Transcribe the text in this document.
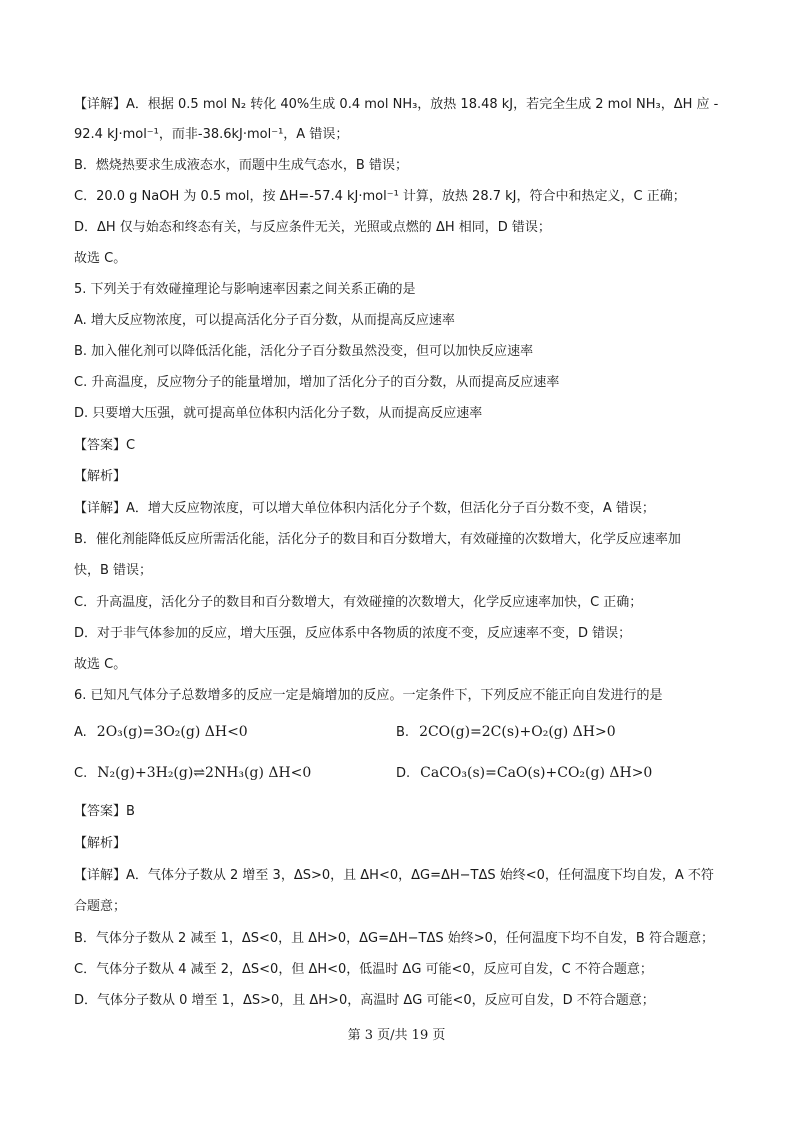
【详解】A．根据 0.5 mol N₂ 转化 40%生成 0.4 mol NH₃，放热 18.48 kJ，若完全生成 2 mol NH₃，ΔH 应 -
92.4 kJ·mol⁻¹，而非-38.6kJ·mol⁻¹，A 错误；
B．燃烧热要求生成液态水，而题中生成气态水，B 错误；
C．20.0 g NaOH 为 0.5 mol，按 ΔH=-57.4 kJ·mol⁻¹ 计算，放热 28.7 kJ，符合中和热定义，C 正确；
D．ΔH 仅与始态和终态有关，与反应条件无关，光照或点燃的 ΔH 相同，D 错误；
故选 C。
5. 下列关于有效碰撞理论与影响速率因素之间关系正确的是
A. 增大反应物浓度，可以提高活化分子百分数，从而提高反应速率
B. 加入催化剂可以降低活化能，活化分子百分数虽然没变，但可以加快反应速率
C. 升高温度，反应物分子的能量增加，增加了活化分子的百分数，从而提高反应速率
D. 只要增大压强，就可提高单位体积内活化分子数，从而提高反应速率
【答案】C
【解析】
【详解】A．增大反应物浓度，可以增大单位体积内活化分子个数，但活化分子百分数不变，A 错误；
B．催化剂能降低反应所需活化能，活化分子的数目和百分数增大，有效碰撞的次数增大，化学反应速率加
快，B 错误；
C．升高温度，活化分子的数目和百分数增大，有效碰撞的次数增大，化学反应速率加快，C 正确；
D．对于非气体参加的反应，增大压强，反应体系中各物质的浓度不变，反应速率不变，D 错误；
故选 C。
6. 已知凡气体分子总数增多的反应一定是熵增加的反应。一定条件下，下列反应不能正向自发进行的是
A. 2O₃(g)=3O₂(g) ΔH<0	B. 2CO(g)=2C(s)+O₂(g) ΔH>0
C. N₂(g)+3H₂(g)⇌2NH₃(g) ΔH<0	D. CaCO₃(s)=CaO(s)+CO₂(g) ΔH>0
【答案】B
【解析】
【详解】A．气体分子数从 2 增至 3，ΔS>0，且 ΔH<0，ΔG=ΔH−TΔS 始终<0，任何温度下均自发，A 不符
合题意；
B．气体分子数从 2 减至 1，ΔS<0，且 ΔH>0，ΔG=ΔH−TΔS 始终>0，任何温度下均不自发，B 符合题意；
C．气体分子数从 4 减至 2，ΔS<0，但 ΔH<0，低温时 ΔG 可能<0，反应可自发，C 不符合题意；
D．气体分子数从 0 增至 1，ΔS>0，且 ΔH>0，高温时 ΔG 可能<0，反应可自发，D 不符合题意；
第 3 页/共 19 页
